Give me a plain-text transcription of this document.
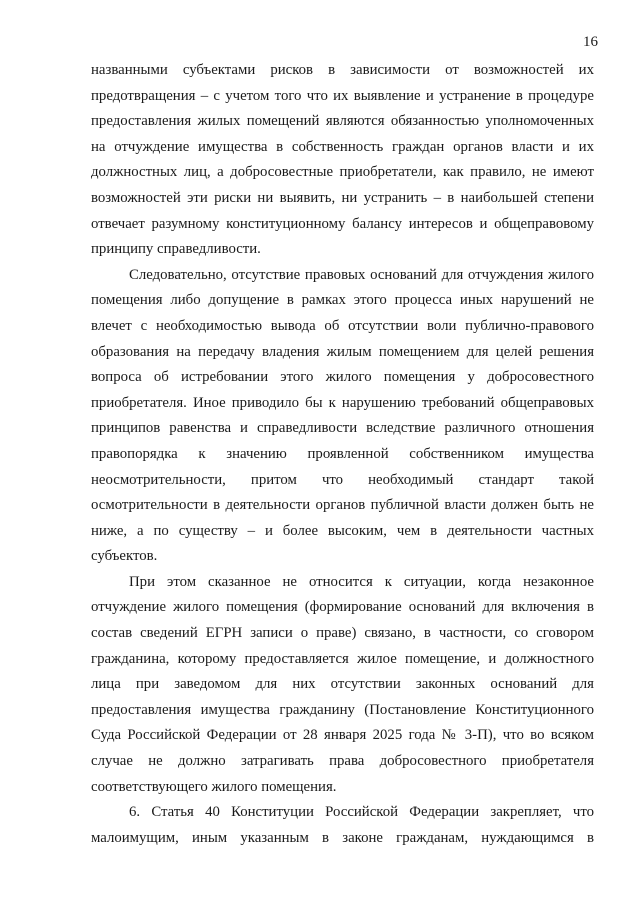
16

названными субъектами рисков в зависимости от возможностей их предотвращения – с учетом того что их выявление и устранение в процедуре предоставления жилых помещений являются обязанностью уполномоченных на отчуждение имущества в собственность граждан органов власти и их должностных лиц, а добросовестные приобретатели, как правило, не имеют возможностей эти риски ни выявить, ни устранить – в наибольшей степени отвечает разумному конституционному балансу интересов и общеправовому принципу справедливости.

Следовательно, отсутствие правовых оснований для отчуждения жилого помещения либо допущение в рамках этого процесса иных нарушений не влечет с необходимостью вывода об отсутствии воли публично-правового образования на передачу владения жилым помещением для целей решения вопроса об истребовании этого жилого помещения у добросовестного приобретателя. Иное приводило бы к нарушению требований общеправовых принципов равенства и справедливости вследствие различного отношения правопорядка к значению проявленной собственником имущества неосмотрительности, притом что необходимый стандарт такой осмотрительности в деятельности органов публичной власти должен быть не ниже, а по существу – и более высоким, чем в деятельности частных субъектов.

При этом сказанное не относится к ситуации, когда незаконное отчуждение жилого помещения (формирование оснований для включения в состав сведений ЕГРН записи о праве) связано, в частности, со сговором гражданина, которому предоставляется жилое помещение, и должностного лица при заведомом для них отсутствии законных оснований для предоставления имущества гражданину (Постановление Конституционного Суда Российской Федерации от 28 января 2025 года № 3-П), что во всяком случае не должно затрагивать права добросовестного приобретателя соответствующего жилого помещения.

6. Статья 40 Конституции Российской Федерации закрепляет, что малоимущим, иным указанным в законе гражданам, нуждающимся в
